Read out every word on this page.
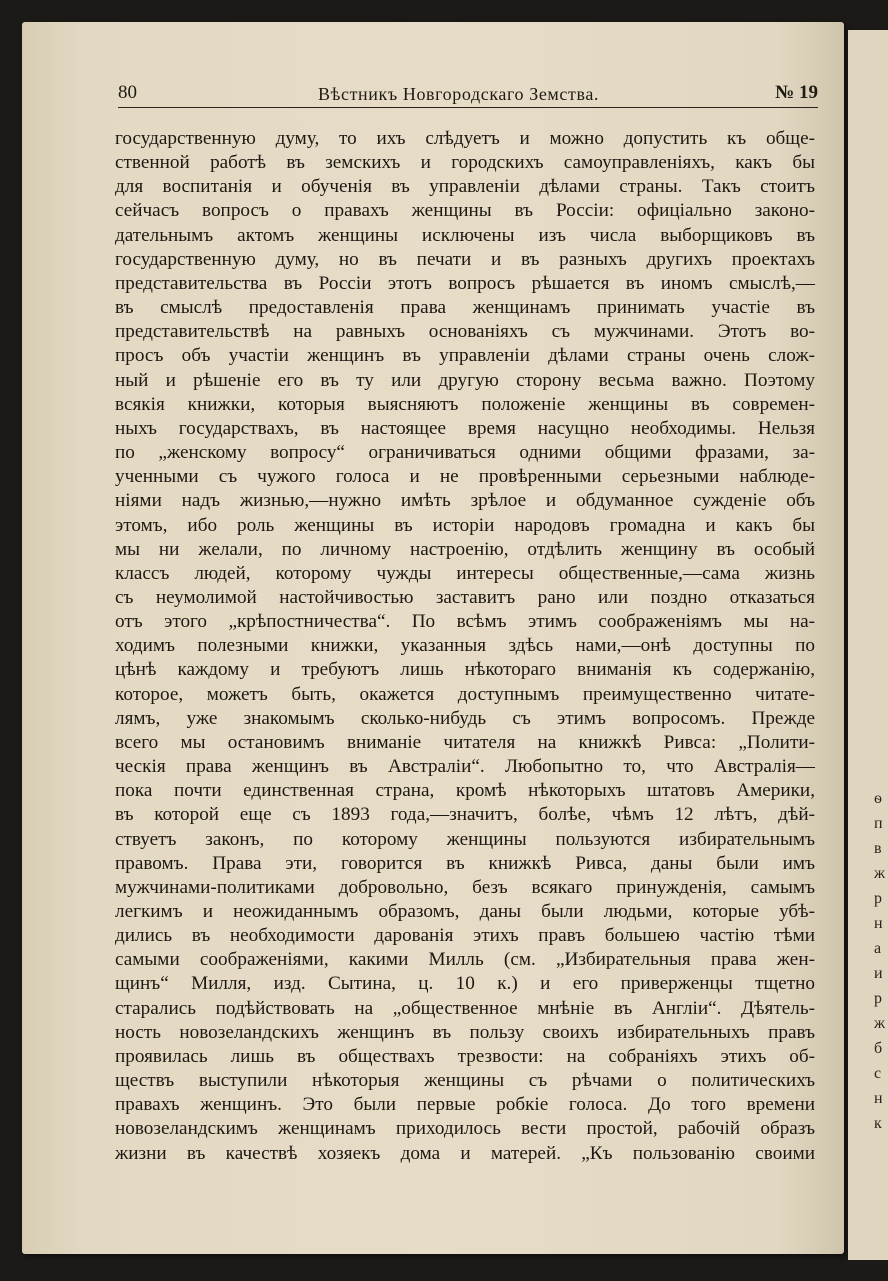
ѳ
п
в
ж
р
н
а
и
р
ж
б
с
н
к
80	Вѣстникъ Новгородскаго Земства.	№ 19
государственную думу, то ихъ слѣдуетъ и можно допустить къ обще-
ственной работѣ въ земскихъ и городскихъ самоуправленіяхъ, какъ бы
для воспитанія и обученія въ управленіи дѣлами страны. Такъ стоитъ
сейчасъ вопросъ о правахъ женщины въ Россіи: офиціально законо-
дательнымъ актомъ женщины исключены изъ числа выборщиковъ въ
государственную думу, но въ печати и въ разныхъ другихъ проектахъ
представительства въ Россіи этотъ вопросъ рѣшается въ иномъ смыслѣ,—
въ смыслѣ предоставленія права женщинамъ принимать участіе въ
представительствѣ на равныхъ основаніяхъ съ мужчинами. Этотъ во-
просъ объ участіи женщинъ въ управленіи дѣлами страны очень слож-
ный и рѣшеніе его въ ту или другую сторону весьма важно. Поэтому
всякія книжки, которыя выясняютъ положеніе женщины въ современ-
ныхъ государствахъ, въ настоящее время насущно необходимы. Нельзя
по „женскому вопросу“ ограничиваться одними общими фразами, за-
ученными съ чужого голоса и не провѣренными серьезными наблюде-
ніями надъ жизнью,—нужно имѣть зрѣлое и обдуманное сужденіе объ
этомъ, ибо роль женщины въ исторіи народовъ громадна и какъ бы
мы ни желали, по личному настроенію, отдѣлить женщину въ особый
классъ людей, которому чужды интересы общественные,—сама жизнь
съ неумолимой настойчивостью заставитъ рано или поздно отказаться
отъ этого „крѣпостничества“. По всѣмъ этимъ соображеніямъ мы на-
ходимъ полезными книжки, указанныя здѣсь нами,—онѣ доступны по
цѣнѣ каждому и требуютъ лишь нѣкотораго вниманія къ содержанію,
которое, можетъ быть, окажется доступнымъ преимущественно читате-
лямъ, уже знакомымъ сколько-нибудь съ этимъ вопросомъ. Прежде
всего мы остановимъ вниманіе читателя на книжкѣ Ривса: „Полити-
ческія права женщинъ въ Австраліи“. Любопытно то, что Австралія—
пока почти единственная страна, кромѣ нѣкоторыхъ штатовъ Америки,
въ которой еще съ 1893 года,—значитъ, болѣе, чѣмъ 12 лѣтъ, дѣй-
ствуетъ законъ, по которому женщины пользуются избирательнымъ
правомъ. Права эти, говорится въ книжкѣ Ривса, даны были имъ
мужчинами-политиками добровольно, безъ всякаго принужденія, самымъ
легкимъ и неожиданнымъ образомъ, даны были людьми, которые убѣ-
дились въ необходимости дарованія этихъ правъ большею частію тѣми
самыми соображеніями, какими Милль (см. „Избирательныя права жен-
щинъ“ Милля, изд. Сытина, ц. 10 к.) и его приверженцы тщетно
старались подѣйствовать на „общественное мнѣніе въ Англіи“. Дѣятель-
ность новозеландскихъ женщинъ въ пользу своихъ избирательныхъ правъ
проявилась лишь въ обществахъ трезвости: на собраніяхъ этихъ об-
ществъ выступили нѣкоторыя женщины съ рѣчами о политическихъ
правахъ женщинъ. Это были первые робкіе голоса. До того времени
новозеландскимъ женщинамъ приходилось вести простой, рабочій образъ
жизни въ качествѣ хозяекъ дома и матерей. „Къ пользованію своими
